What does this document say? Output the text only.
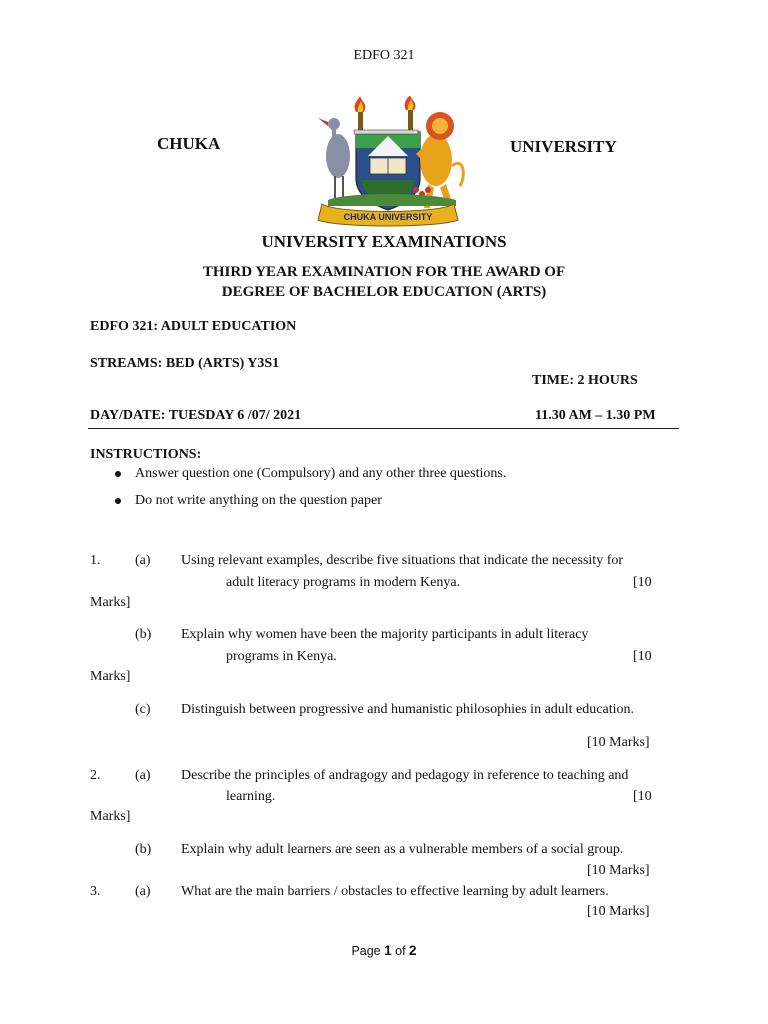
EDFO 321
CHUKA	UNIVERSITY
CHUKA UNIVERSITY
UNIVERSITY EXAMINATIONS
THIRD YEAR EXAMINATION FOR THE AWARD OF
DEGREE OF BACHELOR EDUCATION (ARTS)
EDFO 321: ADULT EDUCATION
STREAMS: BED (ARTS) Y3S1
TIME: 2 HOURS
DAY/DATE: TUESDAY 6 /07/ 2021	11.30 AM – 1.30 PM
INSTRUCTIONS:
Answer question one (Compulsory) and any other three questions.
Do not write anything on the question paper
1. (a) Using relevant examples, describe five situations that indicate the necessity for
adult literacy programs in modern Kenya.	[10
Marks]
(b) Explain why women have been the majority participants in adult literacy
programs in Kenya.	[10
Marks]
(c) Distinguish between progressive and humanistic philosophies in adult education.
[10 Marks]
2. (a) Describe the principles of andragogy and pedagogy in reference to teaching and
learning.	[10
Marks]
(b) Explain why adult learners are seen as a vulnerable members of a social group.
[10 Marks]
3. (a) What are the main barriers / obstacles to effective learning by adult learners.
[10 Marks]
Page 1 of 2
